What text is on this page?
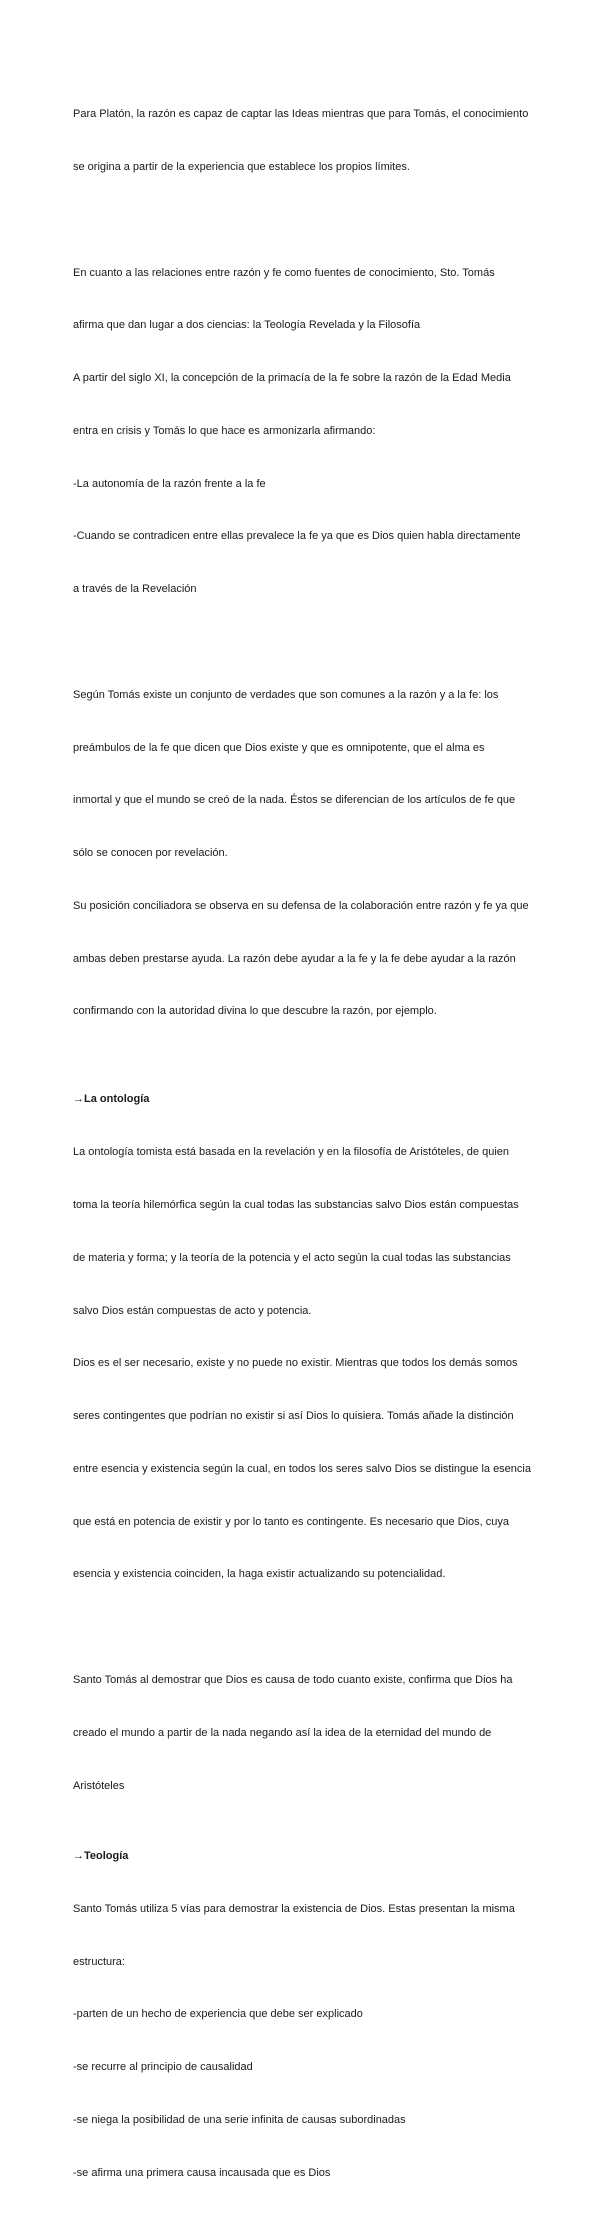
Para Platón, la razón es capaz de captar las Ideas mientras que para Tomás, el conocimiento

se origina a partir de la experiencia que establece los propios límites.

En cuanto a las relaciones entre razón y fe como fuentes de conocimiento, Sto. Tomás

afirma que dan lugar a dos ciencias: la Teología Revelada y la Filosofía

A partir del siglo XI, la concepción de la primacía de la fe sobre la razón de la Edad Media

entra en crisis y Tomás lo que hace es armonizarla afirmando:

-La autonomía de la razón frente a la fe

-Cuando se contradicen entre ellas prevalece la fe ya que es Dios quien habla directamente

a través de la Revelación

Según Tomás existe un conjunto de verdades que son comunes a la razón y a la fe: los

preámbulos de la fe que dicen que Dios existe y que es omnipotente, que el alma es

inmortal y que el mundo se creó de la nada. Éstos se diferencian de los artículos de fe que

sólo se conocen por revelación.

Su posición conciliadora se observa en su defensa de la colaboración entre razón y fe ya que

ambas deben prestarse ayuda. La razón debe ayudar a la fe y la fe debe ayudar a la razón

confirmando con la autoridad divina lo que descubre la razón, por ejemplo.

→La ontología

La ontología tomista está basada en la revelación y en la filosofía de Aristóteles, de quien

toma la teoría hilemórfica según la cual todas las substancias salvo Dios están compuestas

de materia y forma; y la teoría de la potencia y el acto según la cual todas las substancias

salvo Dios están compuestas de acto y potencia.

Dios es el ser necesario, existe y no puede no existir. Mientras que todos los demás somos

seres contingentes que podrían no existir si así Dios lo quisiera. Tomás añade la distinción

entre esencia y existencia según la cual, en todos los seres salvo Dios se distingue la esencia

que está en potencia de existir y por lo tanto es contingente. Es necesario que Dios, cuya

esencia y existencia coinciden, la haga existir actualizando su potencialidad.

Santo Tomás al demostrar que Dios es causa de todo cuanto existe, confirma que Dios ha

creado el mundo a partir de la nada negando así la idea de la eternidad del mundo de

Aristóteles

→Teología

Santo Tomás utiliza 5 vías para demostrar la existencia de Dios. Estas presentan la misma

estructura:

-parten de un hecho de experiencia que debe ser explicado

-se recurre al principio de causalidad

-se niega la posibilidad de una serie infinita de causas subordinadas

-se afirma una primera causa incausada que es Dios
